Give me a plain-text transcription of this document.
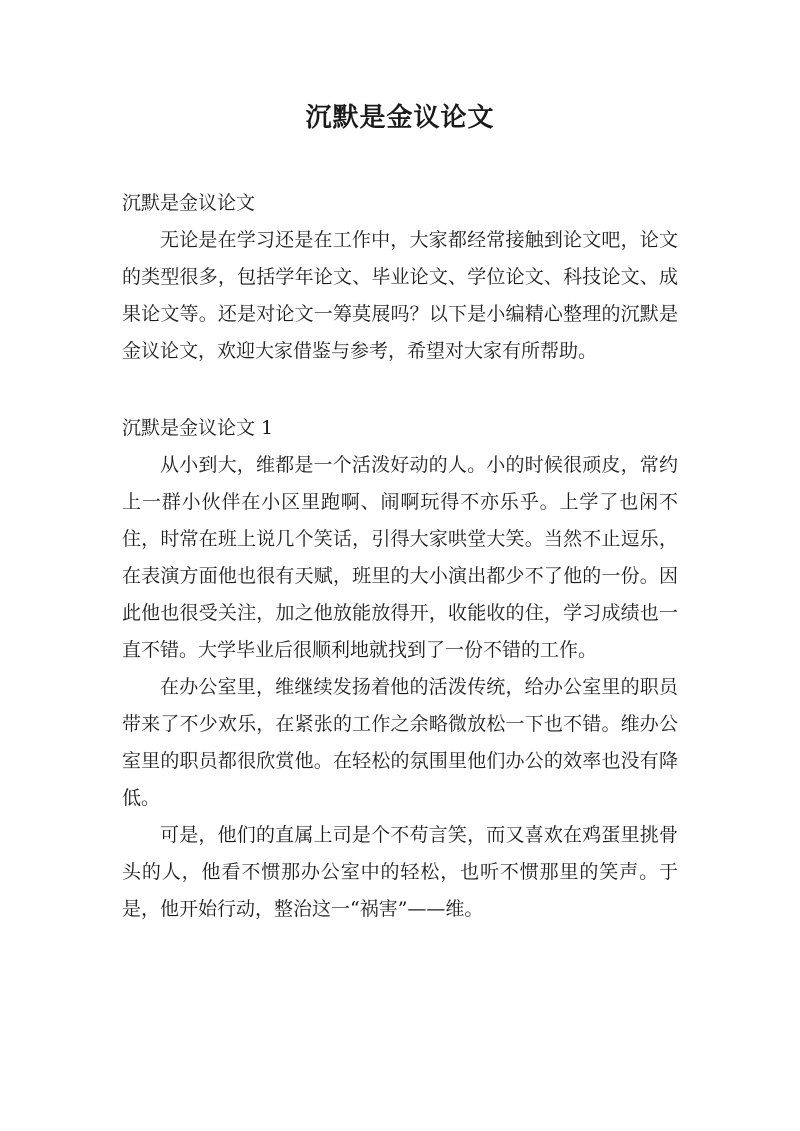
沉默是金议论文

沉默是金议论文

无论是在学习还是在工作中，大家都经常接触到论文吧，论文的类型很多，包括学年论文、毕业论文、学位论文、科技论文、成果论文等。还是对论文一筹莫展吗？以下是小编精心整理的沉默是金议论文，欢迎大家借鉴与参考，希望对大家有所帮助。

沉默是金议论文 1

从小到大，维都是一个活泼好动的人。小的时候很顽皮，常约上一群小伙伴在小区里跑啊、闹啊玩得不亦乐乎。上学了也闲不住，时常在班上说几个笑话，引得大家哄堂大笑。当然不止逗乐，在表演方面他也很有天赋，班里的大小演出都少不了他的一份。因此他也很受关注，加之他放能放得开，收能收的住，学习成绩也一直不错。大学毕业后很顺利地就找到了一份不错的工作。

在办公室里，维继续发扬着他的活泼传统，给办公室里的职员带来了不少欢乐，在紧张的工作之余略微放松一下也不错。维办公室里的职员都很欣赏他。在轻松的氛围里他们办公的效率也没有降低。

可是，他们的直属上司是个不苟言笑，而又喜欢在鸡蛋里挑骨头的人，他看不惯那办公室中的轻松，也听不惯那里的笑声。于是，他开始行动，整治这一“祸害”——维。
